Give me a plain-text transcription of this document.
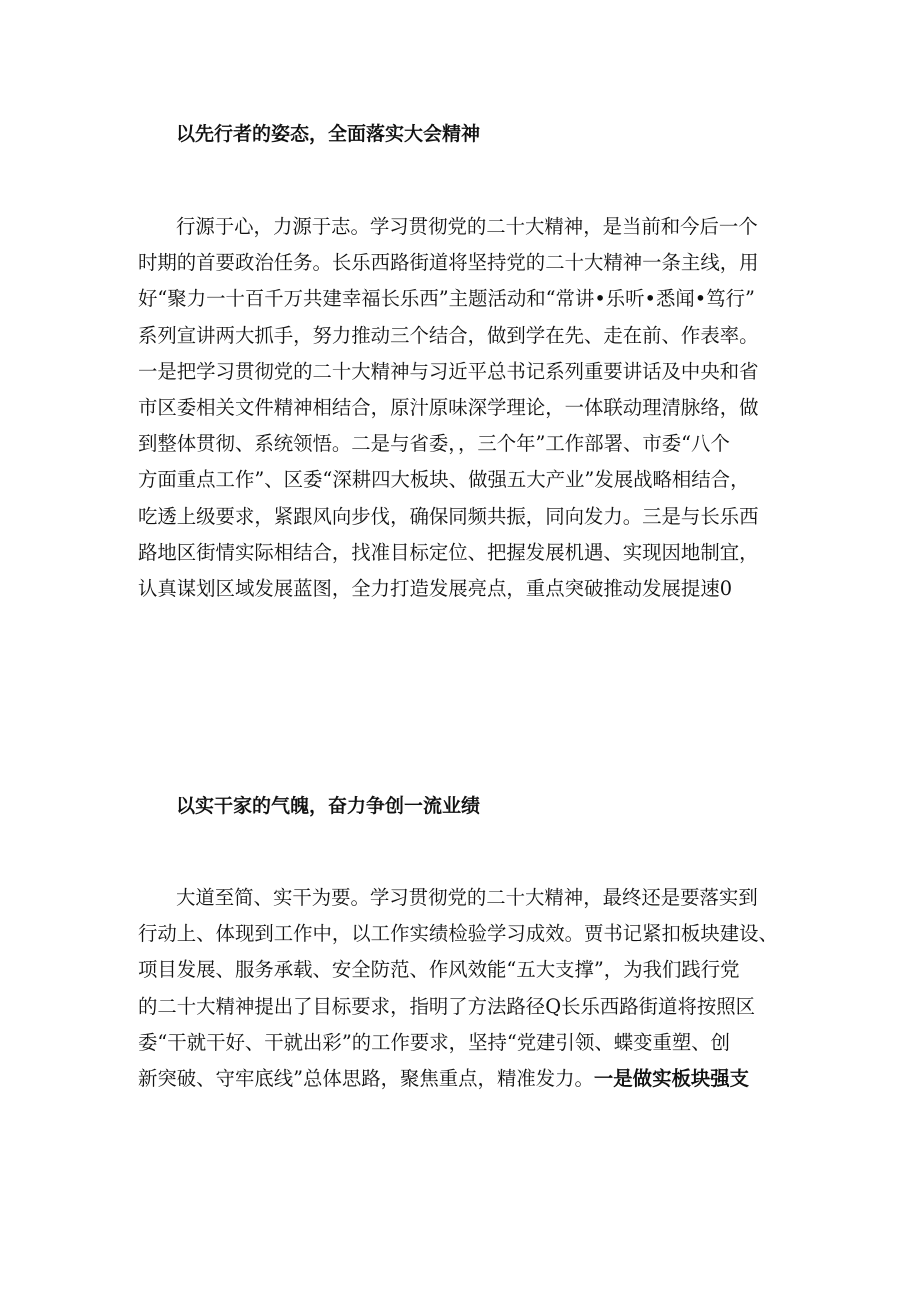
以先行者的姿态，全面落实大会精神
行源于心，力源于志。学习贯彻党的二十大精神，是当前和今后一个
时期的首要政治任务。长乐西路街道将坚持党的二十大精神一条主线，用
好“聚力一十百千万共建幸福长乐西”主题活动和“常讲•乐听•悉闻•笃行”
系列宣讲两大抓手，努力推动三个结合，做到学在先、走在前、作表率。
一是把学习贯彻党的二十大精神与习近平总书记系列重要讲话及中央和省
市区委相关文件精神相结合，原汁原味深学理论，一体联动理清脉络，做
到整体贯彻、系统领悟。二是与省委，，三个年”工作部署、市委“八个
方面重点工作”、区委“深耕四大板块、做强五大产业”发展战略相结合，
吃透上级要求，紧跟风向步伐，确保同频共振，同向发力。三是与长乐西
路地区街情实际相结合，找准目标定位、把握发展机遇、实现因地制宜，
认真谋划区域发展蓝图，全力打造发展亮点，重点突破推动发展提速0
以实干家的气魄，奋力争创一流业绩
大道至简、实干为要。学习贯彻党的二十大精神，最终还是要落实到
行动上、体现到工作中，以工作实绩检验学习成效。贾书记紧扣板块建设、
项目发展、服务承载、安全防范、作风效能“五大支撑”，为我们践行党
的二十大精神提出了目标要求，指明了方法路径Q长乐西路街道将按照区
委“干就干好、干就出彩”的工作要求，坚持“党建引领、蝶变重塑、创
新突破、守牢底线”总体思路，聚焦重点，精准发力。一是做实板块强支
